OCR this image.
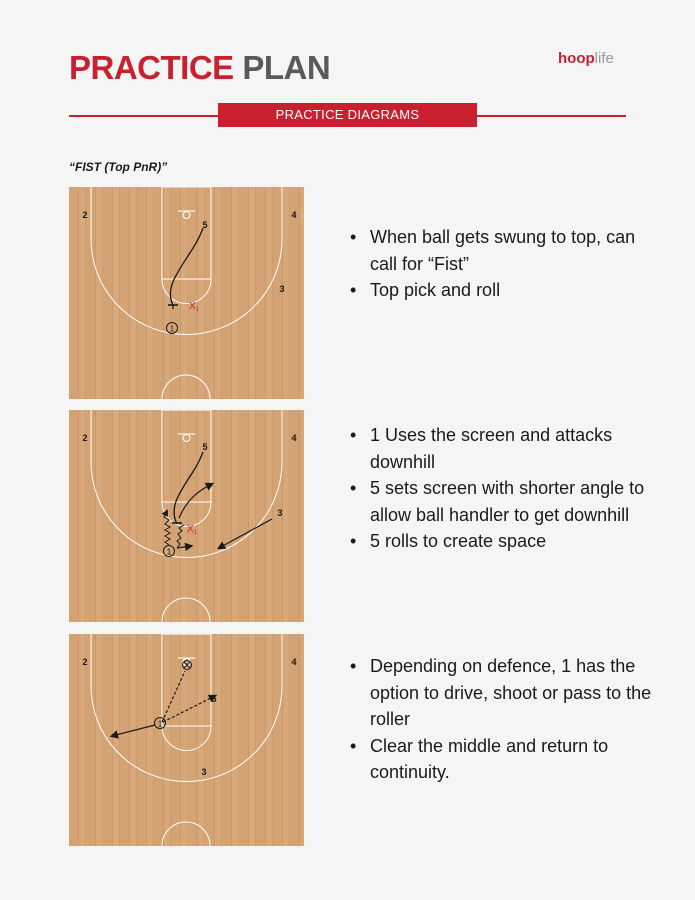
PRACTICE PLAN	hooplife
PRACTICE DIAGRAMS
“FIST (Top PnR)”
2	4
5
3
$X_1$
1
2	4
5
3
$X_1$
1
2	4
5
3
1
• When ball gets swung to top, can call for “Fist”
• Top pick and roll
• 1 Uses the screen and attacks downhill
• 5 sets screen with shorter angle to allow ball handler to get downhill
• 5 rolls to create space
• Depending on defence, 1 has the option to drive, shoot or pass to the roller
• Clear the middle and return to continuity.
